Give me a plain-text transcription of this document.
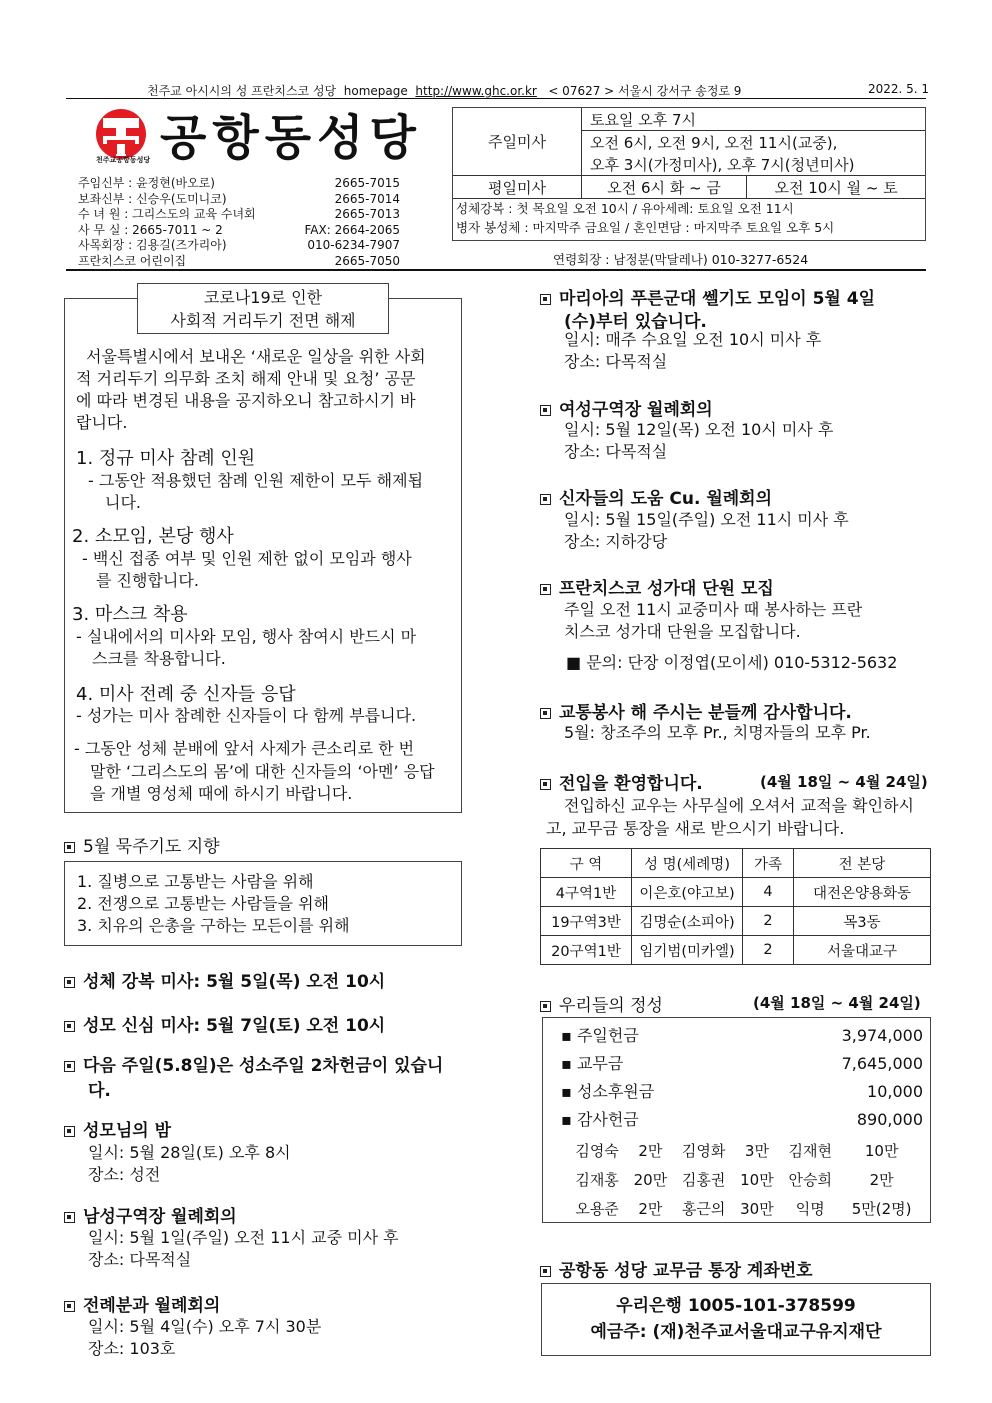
천주교 아시시의 성 프란치스코 성당 homepage http://www.ghc.or.kr < 07627 > 서울시 강서구 송정로 9	2022. 5. 1
천주교공항동성당 공항동성당
주임신부 : 윤정현(바오로)	2665-7015
보좌신부 : 신승우(도미니코)	2665-7014
수 녀 원 : 그리스도의 교육 수녀회	2665-7013
사 무 실 : 2665-7011 ~ 2	FAX: 2664-2065
사목회장 : 김용길(즈가리아)	010-6234-7907
프란치스코 어린이집	2665-7050
주일미사	토요일 오후 7시	
	오전 6시, 오전 9시, 오전 11시(교중),	
	오후 3시(가정미사), 오후 7시(청년미사)	
평일미사	오전 6시 화 ~ 금	오전 10시 월 ~ 토
성체강복 : 첫 목요일 오전 10시 / 유아세례: 토요일 오전 11시
병자 봉성체 : 마지막주 금요일 / 혼인면담 : 마지막주 토요일 오후 5시
연령회장 : 남정분(막달레나) 010-3277-6524
코로나19로 인한
사회적 거리두기 전면 해제
서울특별시에서 보내온 ‘새로운 일상을 위한 사회
적 거리두기 의무화 조치 해제 안내 및 요청’ 공문
에 따라 변경된 내용을 공지하오니 참고하시기 바
랍니다.
1. 정규 미사 참례 인원
- 그동안 적용했던 참례 인원 제한이 모두 해제됩
니다.
2. 소모임, 본당 행사
- 백신 접종 여부 및 인원 제한 없이 모임과 행사
를 진행합니다.
3. 마스크 착용
- 실내에서의 미사와 모임, 행사 참여시 반드시 마
스크를 착용합니다.
4. 미사 전례 중 신자들 응답
- 성가는 미사 참례한 신자들이 다 함께 부릅니다.
- 그동안 성체 분배에 앞서 사제가 큰소리로 한 번
말한 ‘그리스도의 몸’에 대한 신자들의 ‘아멘’ 응답
을 개별 영성체 때에 하시기 바랍니다.
5월 묵주기도 지향
1. 질병으로 고통받는 사람을 위해
2. 전쟁으로 고통받는 사람들을 위해
3. 치유의 은총을 구하는 모든이를 위해
성체 강복 미사: 5월 5일(목) 오전 10시
성모 신심 미사: 5월 7일(토) 오전 10시
다음 주일(5.8일)은 성소주일 2차헌금이 있습니
다.
성모님의 밤
일시: 5월 28일(토) 오후 8시
장소: 성전
남성구역장 월례회의
일시: 5월 1일(주일) 오전 11시 교중 미사 후
장소: 다목적실
전례분과 월례회의
일시: 5월 4일(수) 오후 7시 30분
장소: 103호
마리아의 푸른군대 쎌기도 모임이 5월 4일
(수)부터 있습니다.
일시: 매주 수요일 오전 10시 미사 후
장소: 다목적실
여성구역장 월례회의
일시: 5월 12일(목) 오전 10시 미사 후
장소: 다목적실
신자들의 도움 Cu. 월례회의
일시: 5월 15일(주일) 오전 11시 미사 후
장소: 지하강당
프란치스코 성가대 단원 모집
주일 오전 11시 교중미사 때 봉사하는 프란
치스코 성가대 단원을 모집합니다.
■ 문의: 단장 이정엽(모이세) 010-5312-5632
교통봉사 해 주시는 분들께 감사합니다.
5월: 창조주의 모후 Pr., 치명자들의 모후 Pr.
전입을 환영합니다.	(4월 18일 ~ 4월 24일)
전입하신 교우는 사무실에 오셔서 교적을 확인하시
고, 교무금 통장을 새로 받으시기 바랍니다.
구 역	성 명(세례명)	가족	전 본당
4구역1반	이은호(야고보)	4	대전온양용화동
19구역3반	김명순(소피아)	2	목3동
20구역1반	임기범(미카엘)	2	서울대교구
우리들의 정성	(4월 18일 ~ 4월 24일)
▪ 주일헌금	3,974,000
▪ 교무금	7,645,000
▪ 성소후원금	10,000
▪ 감사헌금	890,000
김영숙	2만	김영화	3만	김재현	10만
김재홍	20만	김홍권	10만	안승희	2만
오용준	2만	홍근의	30만	익명	5만(2명)
공항동 성당 교무금 통장 계좌번호
우리은행 1005-101-378599
예금주: (재)천주교서울대교구유지재단
